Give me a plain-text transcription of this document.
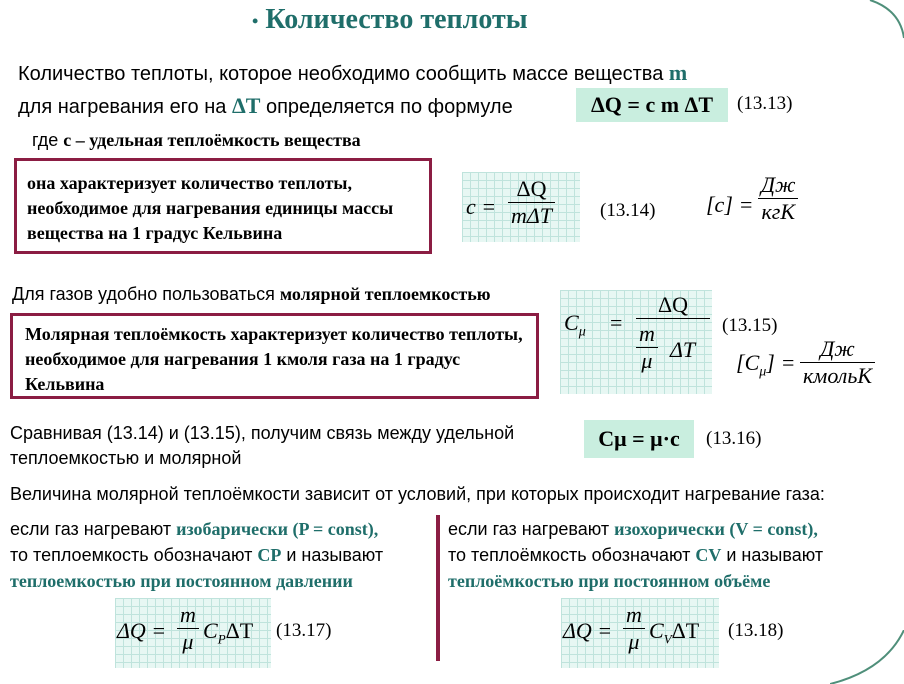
• Количество теплоты
Количество теплоты, которое необходимо сообщить массе вещества m
для нагревания его на ΔT определяется по формуле	ΔQ = c m ΔT	(13.13)
где с – удельная теплоёмкость вещества
она характеризует количество теплоты, необходимое для нагревания единицы массы вещества на 1 градус Кельвина
c =
ΔQ
mΔT	(13.14) [c] =
Дж
кгК
Для газов удобно пользоваться молярной теплоемкостью
Молярная теплоёмкость характеризует количество теплоты, необходимое для нагревания 1 кмоля газа на 1 градус Кельвина
$C_\mu = \frac{\Delta Q}{\frac{m}{\mu} \Delta T} (13.15)$
$[C_\mu]$ =
Дж
кмольК
Сравнивая (13.14) и (13.15), получим связь между удельной
теплоемкостью и молярной
Cμ = μ·c	(13.16)
Величина молярной теплоёмкости зависит от условий, при которых происходит нагревание газа:
если газ нагревают изобарически (P = const),
то теплоемкость обозначают CP и называют
теплоемкостью при постоянном давлении
$\Delta Q = \frac{m}{\mu} C_P\Delta T$ (13.17)
если газ нагревают изохорически (V = const),
то теплоёмкость обозначают CV и называют
теплоёмкостью при постоянном объёме
$\Delta Q = \frac{m}{\mu} C_V\Delta T$ (13.18)
